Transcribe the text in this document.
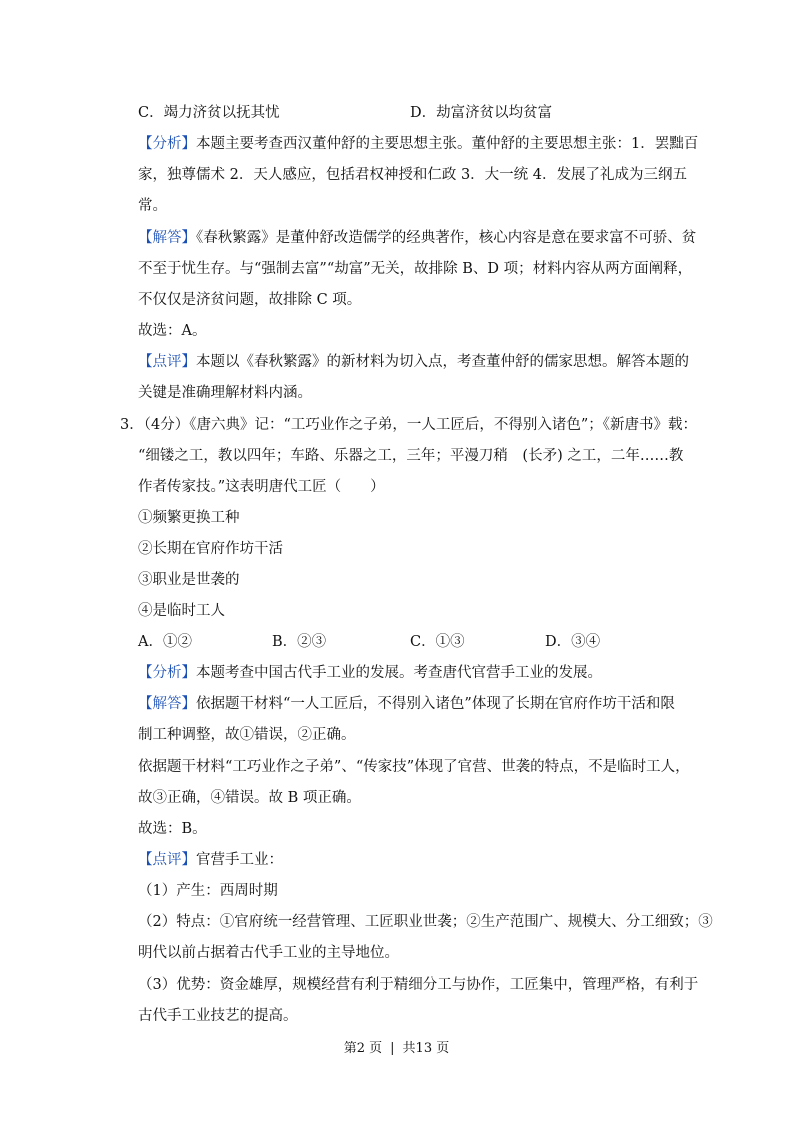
C．竭力济贫以抚其忧	D．劫富济贫以均贫富
【分析】本题主要考查西汉董仲舒的主要思想主张。董仲舒的主要思想主张：1．罢黜百
家，独尊儒术 2．天人感应，包括君权神授和仁政 3．大一统 4．发展了礼成为三纲五
常。
【解答】《春秋繁露》是董仲舒改造儒学的经典著作，核心内容是意在要求富不可骄、贫
不至于忧生存。与“强制去富”“劫富”无关，故排除 B、D 项；材料内容从两方面阐释，
不仅仅是济贫问题，故排除 C 项。
故选：A。
【点评】本题以《春秋繁露》的新材料为切入点，考查董仲舒的儒家思想。解答本题的
关键是准确理解材料内涵。
3．（4分）《唐六典》记：“工巧业作之子弟，一人工匠后，不得别入诸色”；《新唐书》载：
“细镂之工，教以四年；车路、乐器之工，三年；平漫刀稍　(长矛) 之工，二年……教
作者传家技。”这表明唐代工匠（　　）
①频繁更换工种
②长期在官府作坊干活
③职业是世袭的
④是临时工人
A．①②	B．②③	C．①③	D．③④
【分析】本题考查中国古代手工业的发展。考查唐代官营手工业的发展。
【解答】依据题干材料“一人工匠后，不得别入诸色”体现了长期在官府作坊干活和限
制工种调整，故①错误，②正确。
依据题干材料“工巧业作之子弟”、“传家技”体现了官营、世袭的特点，不是临时工人，
故③正确，④错误。故 B 项正确。
故选：B。
【点评】官营手工业：
（1）产生：西周时期
（2）特点：①官府统一经营管理、工匠职业世袭；②生产范围广、规模大、分工细致；③
明代以前占据着古代手工业的主导地位。
（3）优势：资金雄厚，规模经营有利于精细分工与协作，工匠集中，管理严格，有利于
古代手工业技艺的提高。
第2 页 | 共13 页
